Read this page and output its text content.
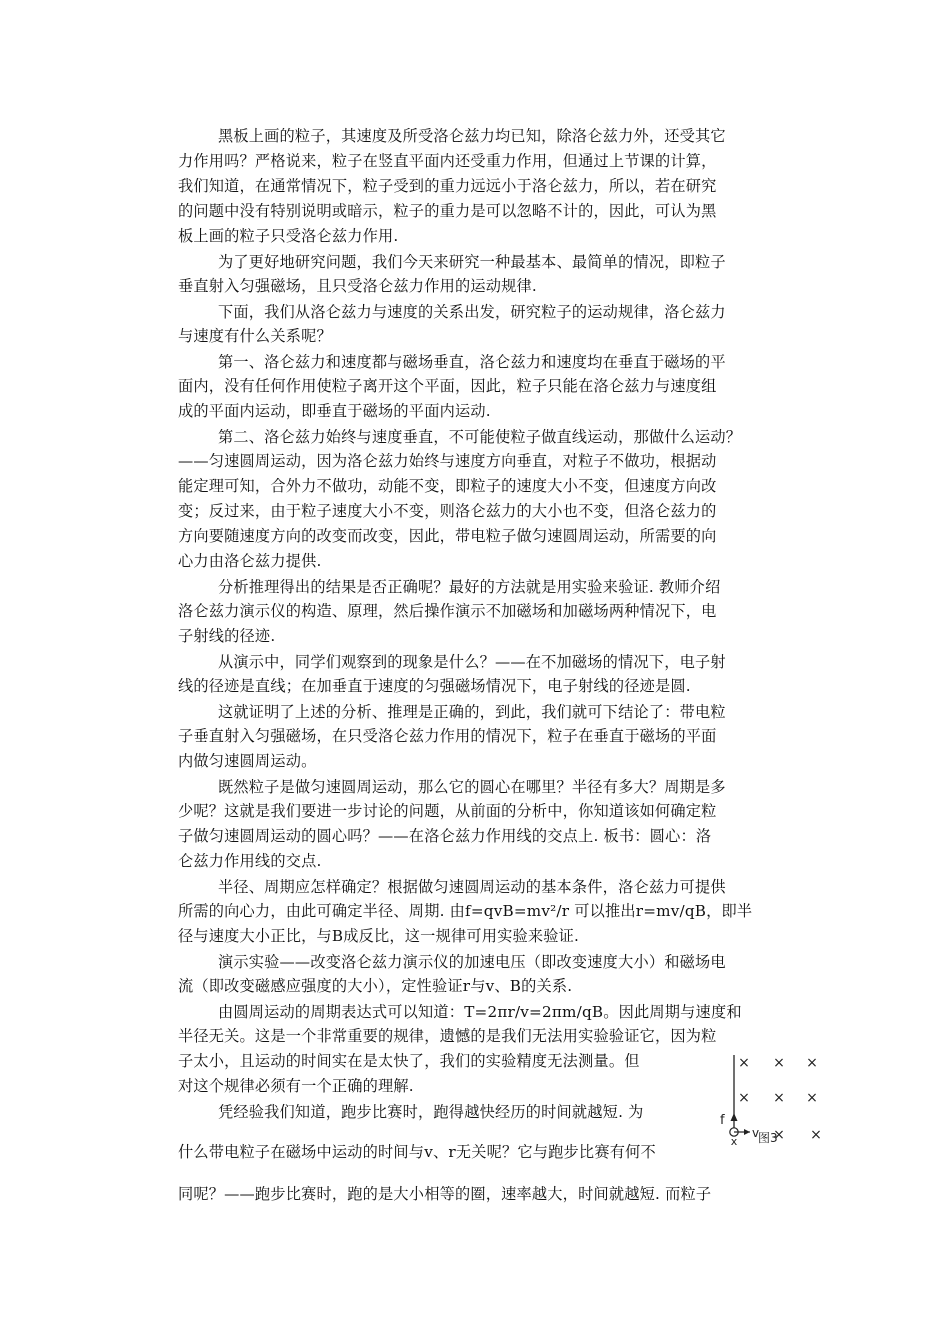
黑板上画的粒子，其速度及所受洛仑兹力均已知，除洛仑兹力外，还受其它
力作用吗？严格说来，粒子在竖直平面内还受重力作用，但通过上节课的计算，
我们知道，在通常情况下，粒子受到的重力远远小于洛仑兹力，所以，若在研究
的问题中没有特别说明或暗示，粒子的重力是可以忽略不计的，因此，可认为黑
板上画的粒子只受洛仑兹力作用.
为了更好地研究问题，我们今天来研究一种最基本、最简单的情况，即粒子
垂直射入匀强磁场，且只受洛仑兹力作用的运动规律.
下面，我们从洛仑兹力与速度的关系出发，研究粒子的运动规律，洛仑兹力
与速度有什么关系呢？
第一、洛仑兹力和速度都与磁场垂直，洛仑兹力和速度均在垂直于磁场的平
面内，没有任何作用使粒子离开这个平面，因此，粒子只能在洛仑兹力与速度组
成的平面内运动，即垂直于磁场的平面内运动.
第二、洛仑兹力始终与速度垂直，不可能使粒子做直线运动，那做什么运动？
——匀速圆周运动，因为洛仑兹力始终与速度方向垂直，对粒子不做功，根据动
能定理可知，合外力不做功，动能不变，即粒子的速度大小不变，但速度方向改
变；反过来，由于粒子速度大小不变，则洛仑兹力的大小也不变，但洛仑兹力的
方向要随速度方向的改变而改变，因此，带电粒子做匀速圆周运动，所需要的向
心力由洛仑兹力提供.
分析推理得出的结果是否正确呢？最好的方法就是用实验来验证. 教师介绍
洛仑兹力演示仪的构造、原理，然后操作演示不加磁场和加磁场两种情况下，电
子射线的径迹.
从演示中，同学们观察到的现象是什么？——在不加磁场的情况下，电子射
线的径迹是直线；在加垂直于速度的匀强磁场情况下，电子射线的径迹是圆.
这就证明了上述的分析、推理是正确的，到此，我们就可下结论了：带电粒
子垂直射入匀强磁场，在只受洛仑兹力作用的情况下，粒子在垂直于磁场的平面
内做匀速圆周运动。
既然粒子是做匀速圆周运动，那么它的圆心在哪里？半径有多大？周期是多
少呢？这就是我们要进一步讨论的问题，从前面的分析中，你知道该如何确定粒
子做匀速圆周运动的圆心吗？——在洛仑兹力作用线的交点上. 板书：圆心：洛
仑兹力作用线的交点.
半径、周期应怎样确定？根据做匀速圆周运动的基本条件，洛仑兹力可提供
所需的向心力，由此可确定半径、周期. 由f=qvB=mv²/r 可以推出r=mv/qB，即半
径与速度大小正比，与B成反比，这一规律可用实验来验证.
演示实验——改变洛仑兹力演示仪的加速电压（即改变速度大小）和磁场电
流（即改变磁感应强度的大小），定性验证r与v、B的关系.
由圆周运动的周期表达式可以知道：T=2πr/v=2πm/qB。因此周期与速度和
半径无关。这是一个非常重要的规律，遗憾的是我们无法用实验验证它，因为粒
子太小，且运动的时间实在是太快了，我们的实验精度无法测量。但
对这个规律必须有一个正确的理解.
凭经验我们知道，跑步比赛时，跑得越快经历的时间就越短. 为
什么带电粒子在磁场中运动的时间与v、r无关呢？它与跑步比赛有何不
同呢？——跑步比赛时，跑的是大小相等的圈，速率越大，时间就越短. 而粒子
× × ×
× × ×
× ×
f
v
x 图3
